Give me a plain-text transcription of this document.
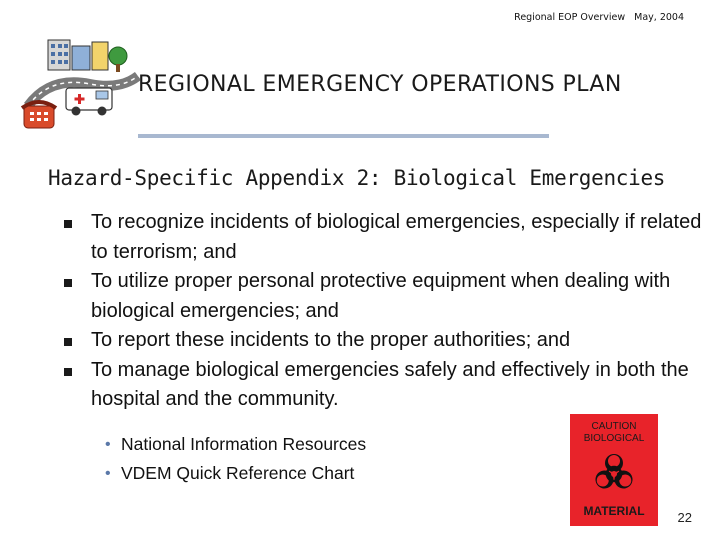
Regional EOP Overview May, 2004
REGIONAL EMERGENCY OPERATIONS PLAN
Hazard-Specific Appendix 2: Biological Emergencies
To recognize incidents of biological emergencies, especially if related to terrorism; and
To utilize proper personal protective equipment when dealing with biological emergencies; and
To report these incidents to the proper authorities; and
To manage biological emergencies safely and effectively in both the hospital and the community.
• National Information Resources
• VDEM Quick Reference Chart
CAUTION
BIOLOGICAL
MATERIAL	22
